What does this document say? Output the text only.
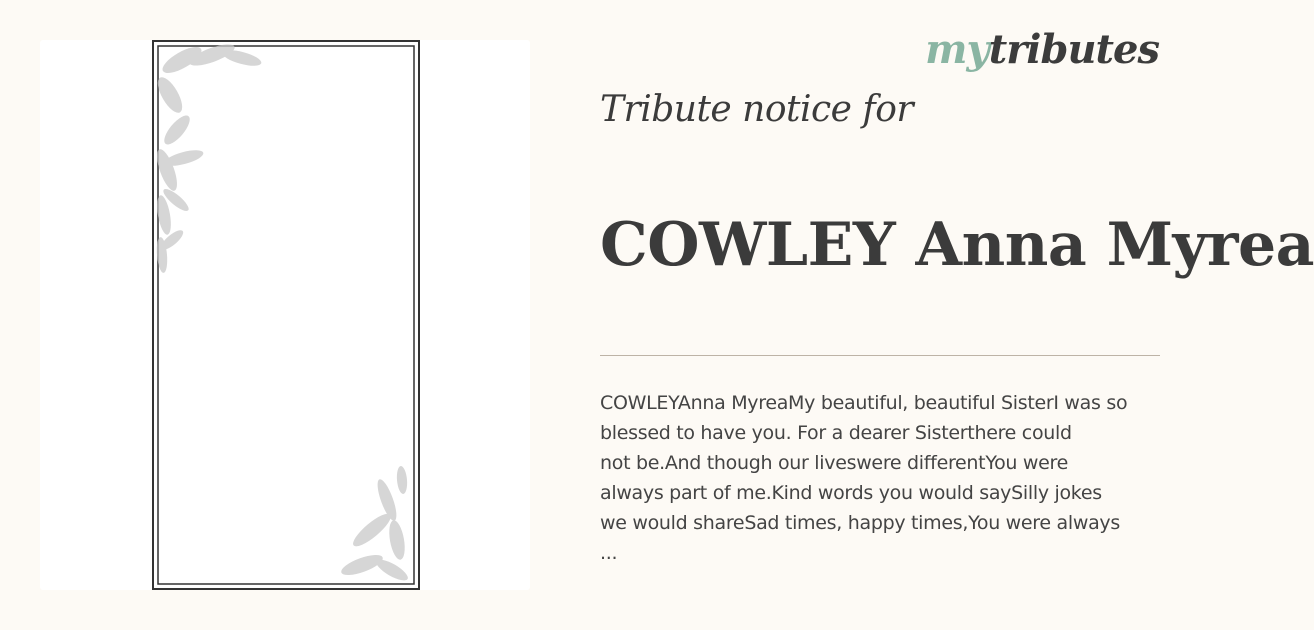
mytributes
Tribute notice for
COWLEY Anna Myrea

COWLEYAnna MyreaMy beautiful, beautiful SisterI was so
blessed to have you. For a dearer Sisterthere could
not be.And though our liveswere differentYou were
always part of me.Kind words you would saySilly jokes
we would shareSad times, happy times,You were always
...
